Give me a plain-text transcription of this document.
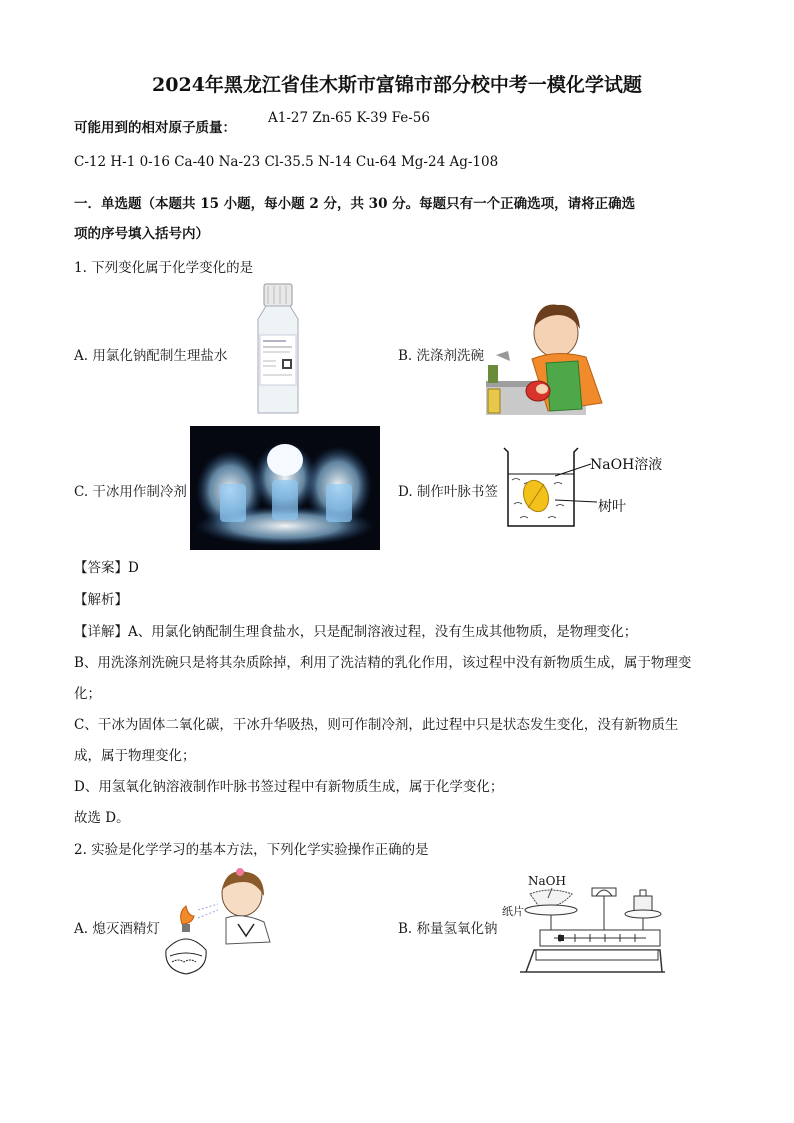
2024年黑龙江省佳木斯市富锦市部分校中考一模化学试题
可能用到的相对原子质量：
A1-27 Zn-65 K-39 Fe-56
C-12 H-1 0-16 Ca-40 Na-23 Cl-35.5 N-14 Cu-64 Mg-24 Ag-108
一．单选题（本题共 15 小题，每小题 2 分，共 30 分。每题只有一个正确选项，请将正确选
项的序号填入括号内）
1. 下列变化属于化学变化的是
A. 用氯化钠配制生理盐水	B. 洗涤剂洗碗
C. 干冰用作制冷剂
NaOH溶液
树叶
D. 制作叶脉书签
【答案】D
【解析】
【详解】A、用氯化钠配制生理食盐水，只是配制溶液过程，没有生成其他物质，是物理变化；
B、用洗涤剂洗碗只是将其杂质除掉，利用了洗洁精的乳化作用，该过程中没有新物质生成，属于物理变
化；
C、干冰为固体二氧化碳，干冰升华吸热，则可作制冷剂，此过程中只是状态发生变化，没有新物质生
成，属于物理变化；
D、用氢氧化钠溶液制作叶脉书签过程中有新物质生成，属于化学变化；
故选 D。
2. 实验是化学学习的基本方法，下列化学实验操作正确的是
A. 熄灭酒精灯
NaOH
纸片
B. 称量氢氧化钠
